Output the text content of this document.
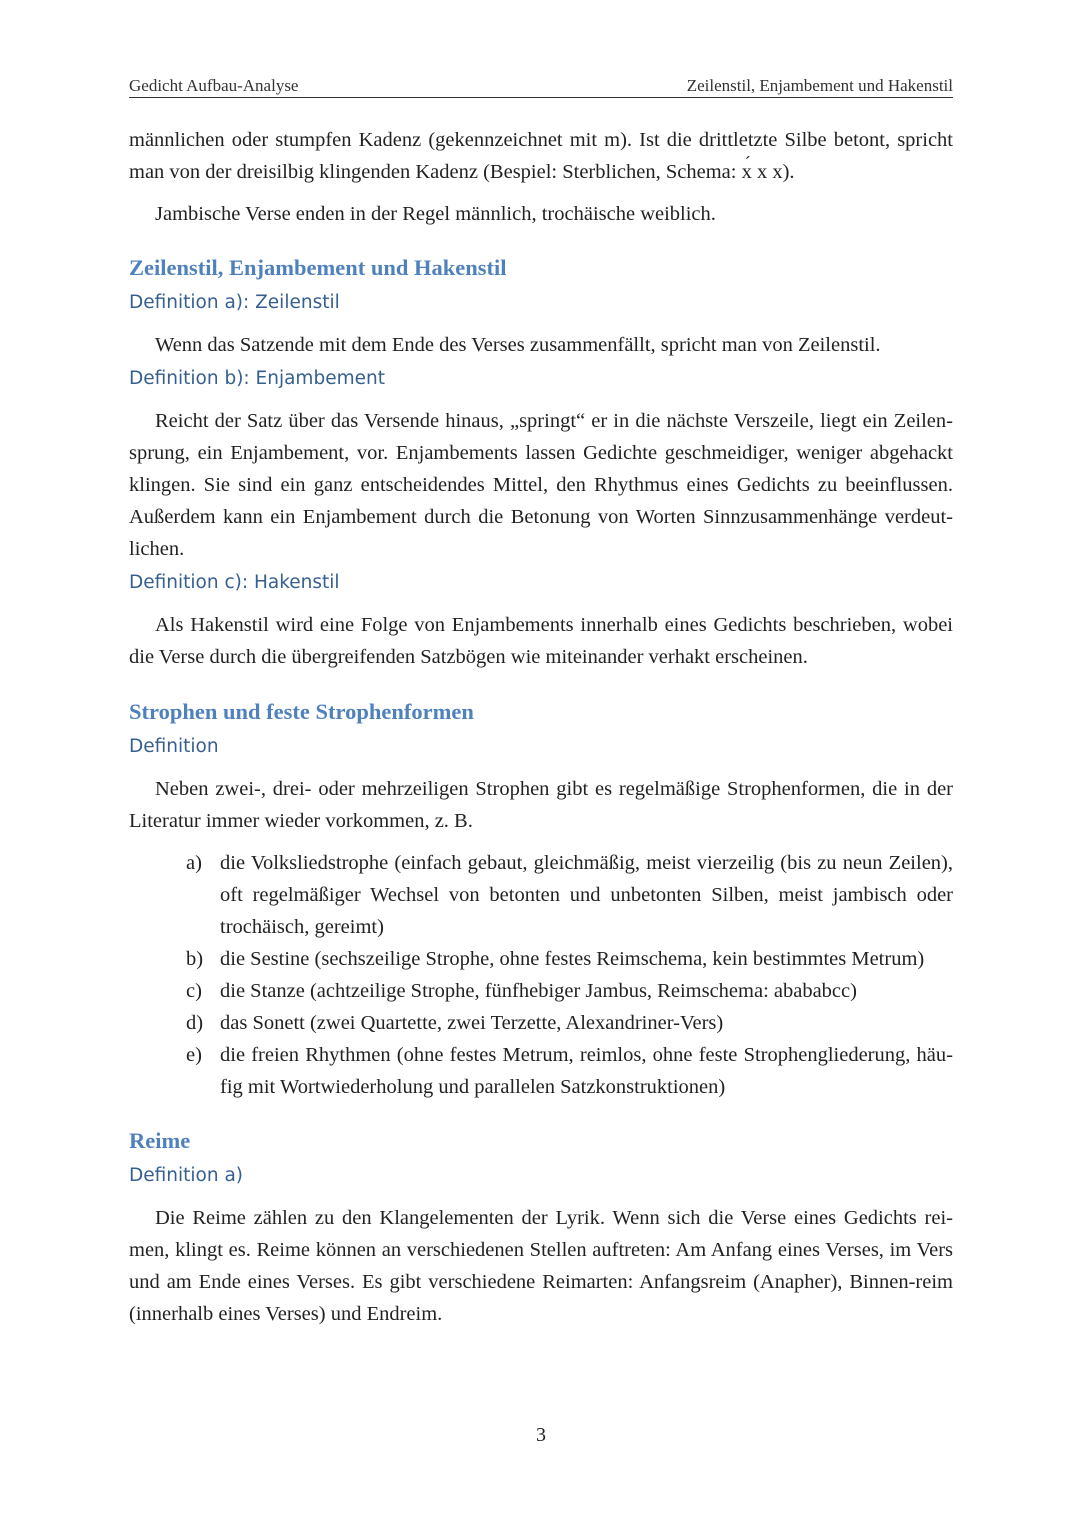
Gedicht Aufbau-Analyse	Zeilenstil, Enjambement und Hakenstil

männlichen oder stumpfen Kadenz (gekennzeichnet mit m). Ist die drittletzte Silbe betont, spricht man von der dreisilbig klingenden Kadenz (Bespiel: Sterblichen, Schema: x ´ x x).

Jambische Verse enden in der Regel männlich, trochäische weiblich.

Zeilenstil, Enjambement und Hakenstil
Definition a): Zeilenstil

Wenn das Satzende mit dem Ende des Verses zusammenfällt, spricht man von Zeilenstil.

Definition b): Enjambement

Reicht der Satz über das Versende hinaus, „springt“ er in die nächste Verszeile, liegt ein Zeilen-sprung, ein Enjambement, vor. Enjambements lassen Gedichte geschmeidiger, weniger abgehackt klingen. Sie sind ein ganz entscheidendes Mittel, den Rhythmus eines Gedichts zu beeinflussen. Außerdem kann ein Enjambement durch die Betonung von Worten Sinnzusammenhänge verdeut-lichen.

Definition c): Hakenstil

Als Hakenstil wird eine Folge von Enjambements innerhalb eines Gedichts beschrieben, wobei die Verse durch die übergreifenden Satzbögen wie miteinander verhakt erscheinen.

Strophen und feste Strophenformen
Definition

Neben zwei-, drei- oder mehrzeiligen Strophen gibt es regelmäßige Strophenformen, die in der Literatur immer wieder vorkommen, z. B.

a) die Volksliedstrophe (einfach gebaut, gleichmäßig, meist vierzeilig (bis zu neun Zeilen), oft regelmäßiger Wechsel von betonten und unbetonten Silben, meist jambisch oder trochäisch, gereimt)
b) die Sestine (sechszeilige Strophe, ohne festes Reimschema, kein bestimmtes Metrum)
c) die Stanze (achtzeilige Strophe, fünfhebiger Jambus, Reimschema: abababcc)
d) das Sonett (zwei Quartette, zwei Terzette, Alexandriner-Vers)
e) die freien Rhythmen (ohne festes Metrum, reimlos, ohne feste Strophengliederung, häu-fig mit Wortwiederholung und parallelen Satzkonstruktionen)
Reime
Definition a)

Die Reime zählen zu den Klangelementen der Lyrik. Wenn sich die Verse eines Gedichts rei-men, klingt es. Reime können an verschiedenen Stellen auftreten: Am Anfang eines Verses, im Vers und am Ende eines Verses. Es gibt verschiedene Reimarten: Anfangsreim (Anapher), Binnen-reim (innerhalb eines Verses) und Endreim.

3
